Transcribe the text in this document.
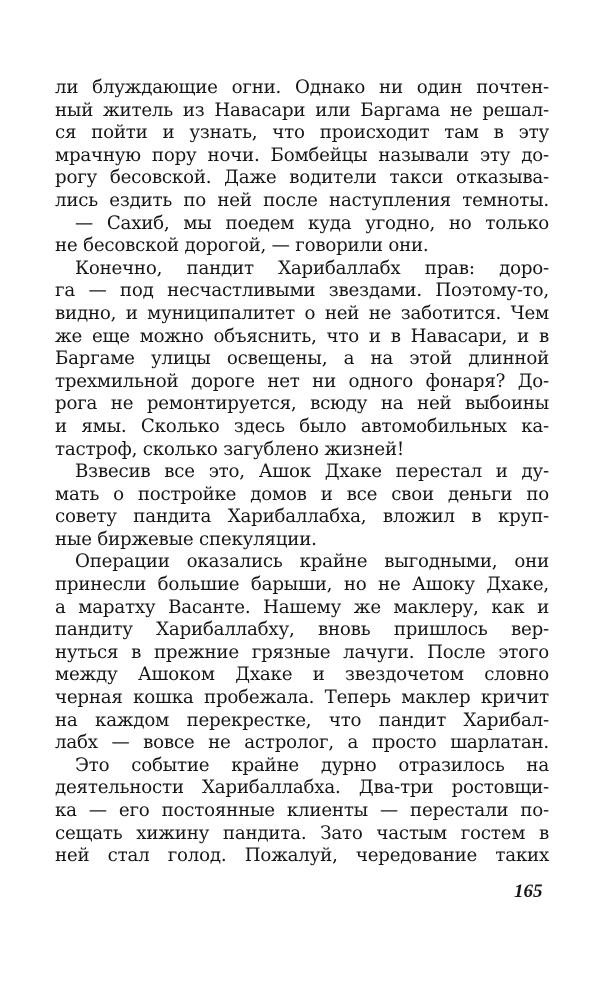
ли блуждающие огни. Однако ни один почтен-
ный житель из Навасари или Баргама не решал-
ся пойти и узнать, что происходит там в эту
мрачную пору ночи. Бомбейцы называли эту до-
рогу бесовской. Даже водители такси отказыва-
лись ездить по ней после наступления темноты.
— Сахиб, мы поедем куда угодно, но только
не бесовской дорогой, — говорили они.
Конечно, пандит Харибаллабх прав: доро-
га — под несчастливыми звездами. Поэтому-то,
видно, и муниципалитет о ней не заботится. Чем
же еще можно объяснить, что и в Навасари, и в
Баргаме улицы освещены, а на этой длинной
трехмильной дороге нет ни одного фонаря? До-
рога не ремонтируется, всюду на ней выбоины
и ямы. Сколько здесь было автомобильных ка-
тастроф, сколько загублено жизней!
Взвесив все это, Ашок Дхаке перестал и ду-
мать о постройке домов и все свои деньги по
совету пандита Харибаллабха, вложил в круп-
ные биржевые спекуляции.
Операции оказались крайне выгодными, они
принесли большие барыши, но не Ашоку Дхаке,
а маратху Васанте. Нашему же маклеру, как и
пандиту Харибаллабху, вновь пришлось вер-
нуться в прежние грязные лачуги. После этого
между Ашоком Дхаке и звездочетом словно
черная кошка пробежала. Теперь маклер кричит
на каждом перекрестке, что пандит Харибал-
лабх — вовсе не астролог, а просто шарлатан.
Это событие крайне дурно отразилось на
деятельности Харибаллабха. Два-три ростовщи-
ка — его постоянные клиенты — перестали по-
сещать хижину пандита. Зато частым гостем в
ней стал голод. Пожалуй, чередование таких
165
